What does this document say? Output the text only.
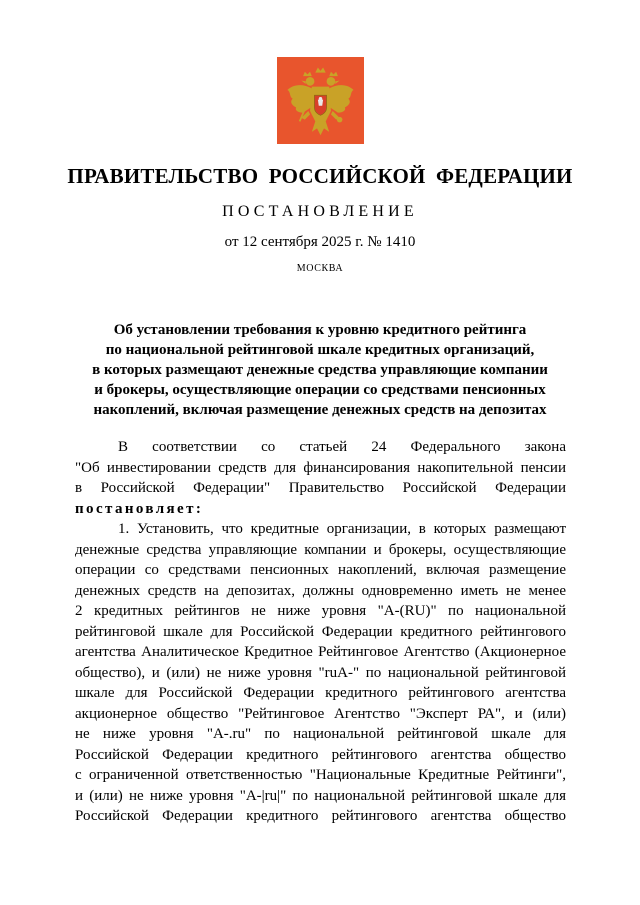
ПРАВИТЕЛЬСТВО РОССИЙСКОЙ ФЕДЕРАЦИИ
ПОСТАНОВЛЕНИЕ
от 12 сентября 2025 г. № 1410
МОСКВА
Об установлении требования к уровню кредитного рейтинга
по национальной рейтинговой шкале кредитных организаций,
в которых размещают денежные средства управляющие компании
и брокеры, осуществляющие операции со средствами пенсионных
накоплений, включая размещение денежных средств на депозитах
В соответствии со статьей 24 Федерального закона
"Об инвестировании средств для финансирования накопительной пенсии
в Российской Федерации" Правительство Российской Федерации
постановляет:
1. Установить, что кредитные организации, в которых размещают
денежные средства управляющие компании и брокеры, осуществляющие
операции со средствами пенсионных накоплений, включая размещение
денежных средств на депозитах, должны одновременно иметь не менее
2 кредитных рейтингов не ниже уровня "A-(RU)" по национальной
рейтинговой шкале для Российской Федерации кредитного рейтингового
агентства Аналитическое Кредитное Рейтинговое Агентство (Акционерное
общество), и (или) не ниже уровня "ruA-" по национальной рейтинговой
шкале для Российской Федерации кредитного рейтингового агентства
акционерное общество "Рейтинговое Агентство "Эксперт РА", и (или)
не ниже уровня "A-.ru" по национальной рейтинговой шкале для
Российской Федерации кредитного рейтингового агентства общество
с ограниченной ответственностью "Национальные Кредитные Рейтинги",
и (или) не ниже уровня "A-|ru|" по национальной рейтинговой шкале для
Российской Федерации кредитного рейтингового агентства общество
